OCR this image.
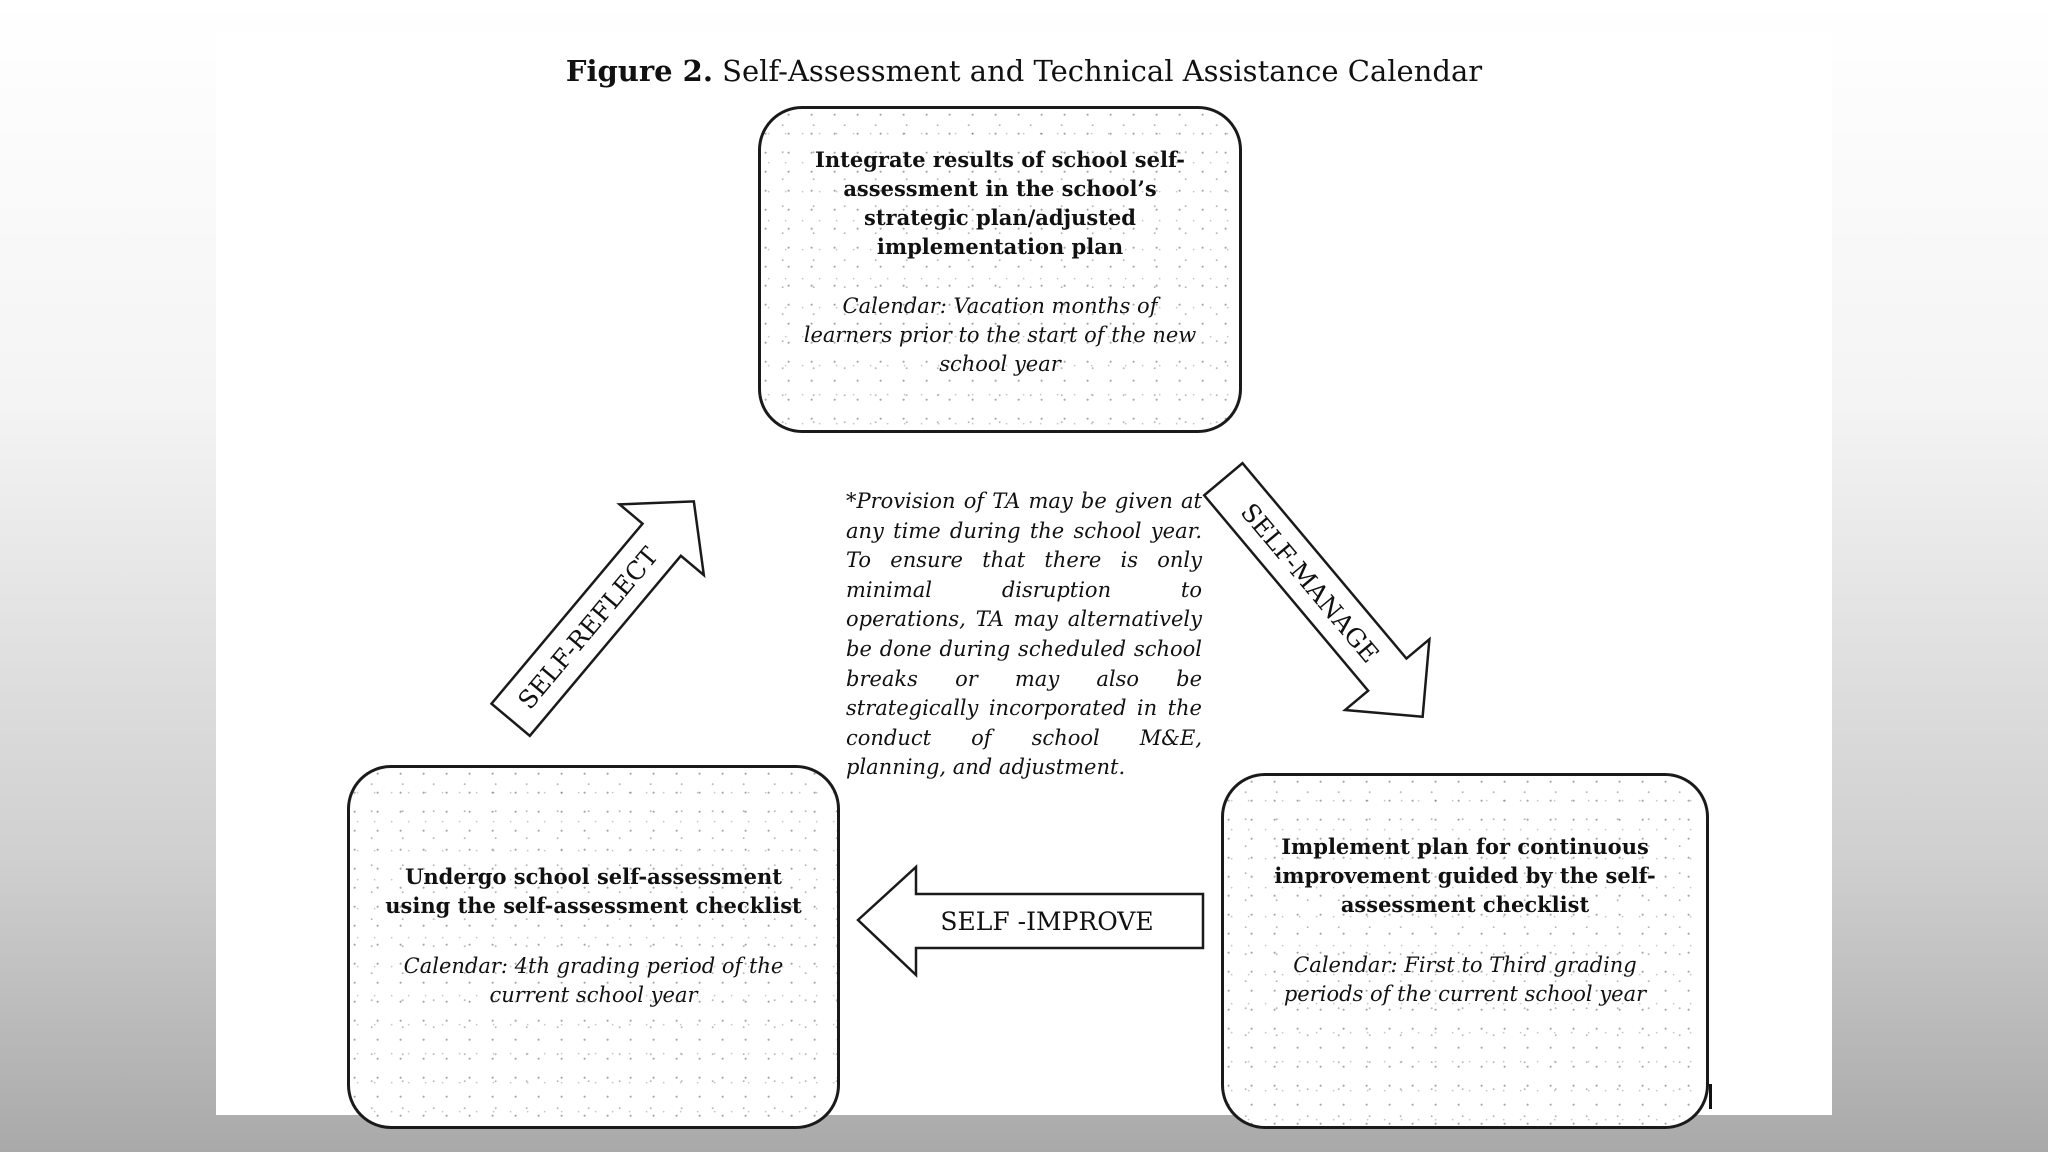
Figure 2. Self-Assessment and Technical Assistance Calendar
SELF-REFLECT	SELF-MANAGE
SELF -IMPROVE

Integrate results of school self-

assessment in the school’s

strategic plan/adjusted

implementation plan

Calendar: Vacation months of

learners prior to the start of the new

school year

Undergo school self-assessment

using the self-assessment checklist

Calendar: 4th grading period of the

current school year

Implement plan for continuous

improvement guided by the self-

assessment checklist

Calendar: First to Third grading

periods of the current school year

*Provision of TA may be given at any time during the school year. To ensure that there is only minimal disruption to operations, TA may alternatively be done during scheduled school breaks or may also be strategically incorporated in the conduct of school M&E, planning, and adjustment.
